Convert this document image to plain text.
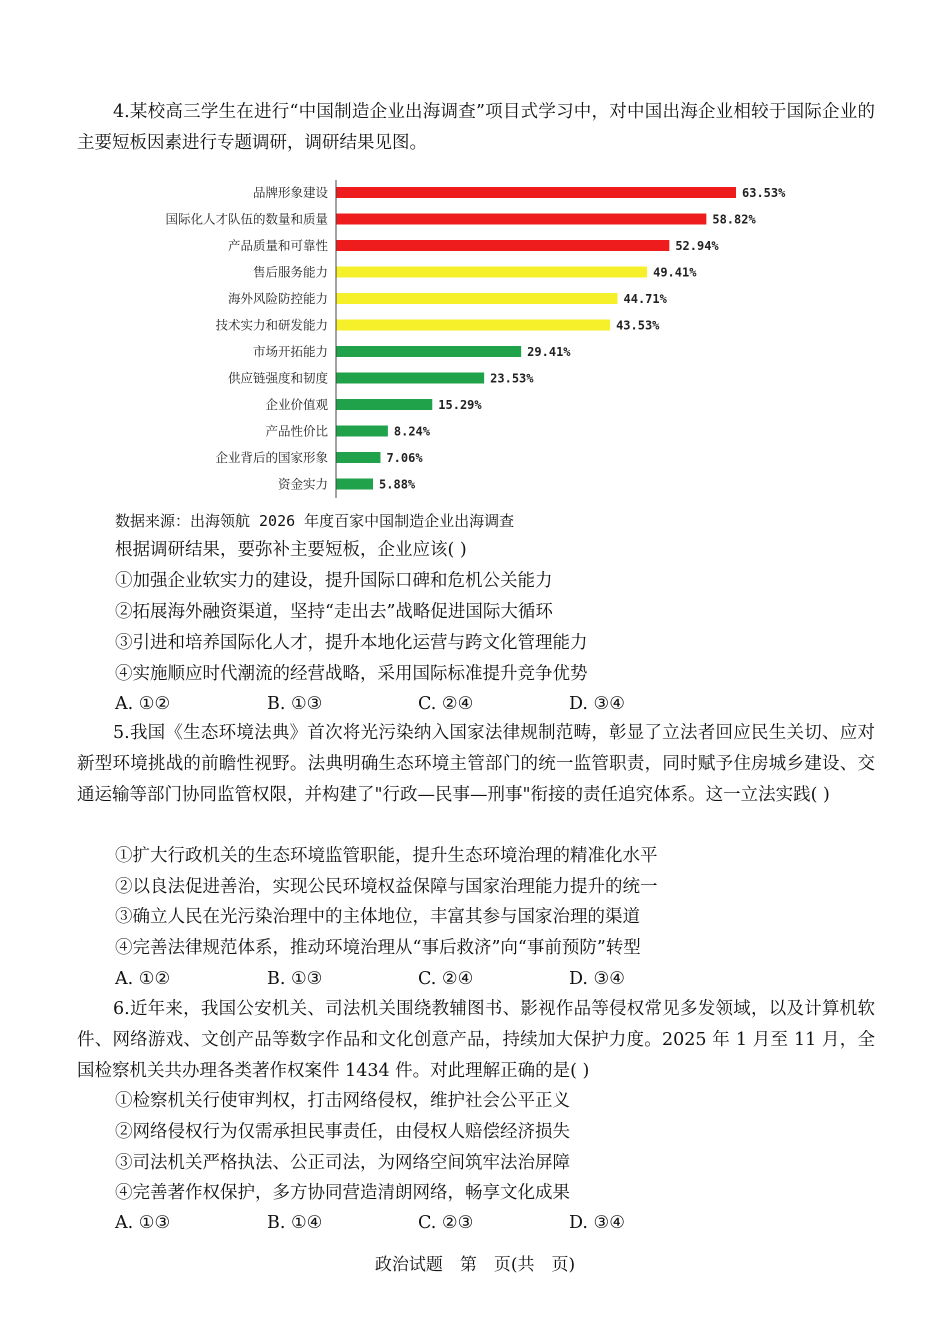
4.某校高三学生在进行“中国制造企业出海调查”项目式学习中，对中国出海企业相较于国际企业的主要短板因素进行专题调研，调研结果见图。
品牌形象建设	63.53%
国际化人才队伍的数量和质量	58.82%
产品质量和可靠性	52.94%
售后服务能力	49.41%
海外风险防控能力	44.71%
技术实力和研发能力	43.53%
市场开拓能力	29.41%
供应链强度和韧度	23.53%
企业价值观	15.29%
产品性价比	8.24%
企业背后的国家形象	7.06%
资金实力	5.88%
数据来源：出海领航 2026 年度百家中国制造企业出海调查
根据调研结果，要弥补主要短板，企业应该( )
①加强企业软实力的建设，提升国际口碑和危机公关能力
②拓展海外融资渠道，坚持“走出去”战略促进国际大循环
③引进和培养国际化人才，提升本地化运营与跨文化管理能力
④实施顺应时代潮流的经营战略，采用国际标准提升竞争优势
A. ①②	B. ①③	C. ②④	D. ③④
5.我国《生态环境法典》首次将光污染纳入国家法律规制范畴，彰显了立法者回应民生关切、应对新型环境挑战的前瞻性视野。法典明确生态环境主管部门的统一监管职责，同时赋予住房城乡建设、交通运输等部门协同监管权限，并构建了"行政—民事—刑事"衔接的责任追究体系。这一立法实践( )
①扩大行政机关的生态环境监管职能，提升生态环境治理的精准化水平
②以良法促进善治，实现公民环境权益保障与国家治理能力提升的统一
③确立人民在光污染治理中的主体地位，丰富其参与国家治理的渠道
④完善法律规范体系，推动环境治理从“事后救济”向“事前预防”转型
A. ①②	B. ①③	C. ②④	D. ③④
6.近年来，我国公安机关、司法机关围绕教辅图书、影视作品等侵权常见多发领域，以及计算机软件、网络游戏、文创产品等数字作品和文化创意产品，持续加大保护力度。2025 年 1 月至 11 月，全国检察机关共办理各类著作权案件 1434 件。对此理解正确的是( )
①检察机关行使审判权，打击网络侵权，维护社会公平正义
②网络侵权行为仅需承担民事责任，由侵权人赔偿经济损失
③司法机关严格执法、公正司法，为网络空间筑牢法治屏障
④完善著作权保护，多方协同营造清朗网络，畅享文化成果
A. ①③	B. ①④	C. ②③	D. ③④
政治试题　第　页(共　页)
